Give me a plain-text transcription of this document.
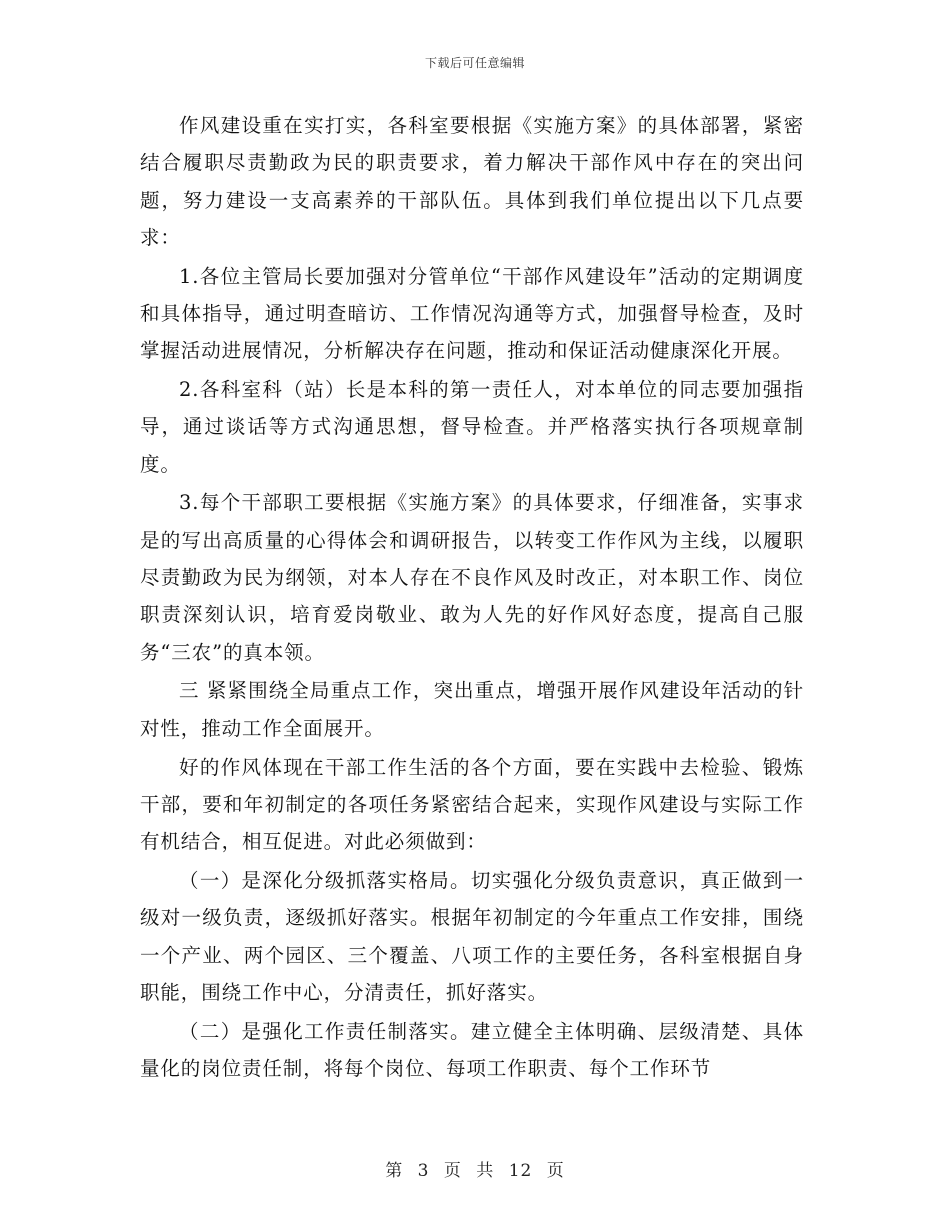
下载后可任意编辑

作风建设重在实打实，各科室要根据《实施方案》的具体部署，紧密结合履职尽责勤政为民的职责要求，着力解决干部作风中存在的突出问题，努力建设一支高素养的干部队伍。具体到我们单位提出以下几点要求：

1.各位主管局长要加强对分管单位“干部作风建设年”活动的定期调度和具体指导，通过明查暗访、工作情况沟通等方式，加强督导检查，及时掌握活动进展情况，分析解决存在问题，推动和保证活动健康深化开展。

2.各科室科（站）长是本科的第一责任人，对本单位的同志要加强指导，通过谈话等方式沟通思想，督导检查。并严格落实执行各项规章制度。

3.每个干部职工要根据《实施方案》的具体要求，仔细准备，实事求是的写出高质量的心得体会和调研报告，以转变工作作风为主线，以履职尽责勤政为民为纲领，对本人存在不良作风及时改正，对本职工作、岗位职责深刻认识，培育爱岗敬业、敢为人先的好作风好态度，提高自己服务“三农”的真本领。

三 紧紧围绕全局重点工作，突出重点，增强开展作风建设年活动的针对性，推动工作全面展开。

好的作风体现在干部工作生活的各个方面，要在实践中去检验、锻炼干部，要和年初制定的各项任务紧密结合起来，实现作风建设与实际工作有机结合，相互促进。对此必须做到：

（一）是深化分级抓落实格局。切实强化分级负责意识，真正做到一级对一级负责，逐级抓好落实。根据年初制定的今年重点工作安排，围绕一个产业、两个园区、三个覆盖、八项工作的主要任务，各科室根据自身职能，围绕工作中心，分清责任，抓好落实。

（二）是强化工作责任制落实。建立健全主体明确、层级清楚、具体量化的岗位责任制，将每个岗位、每项工作职责、每个工作环节

第 3 页 共 12 页
